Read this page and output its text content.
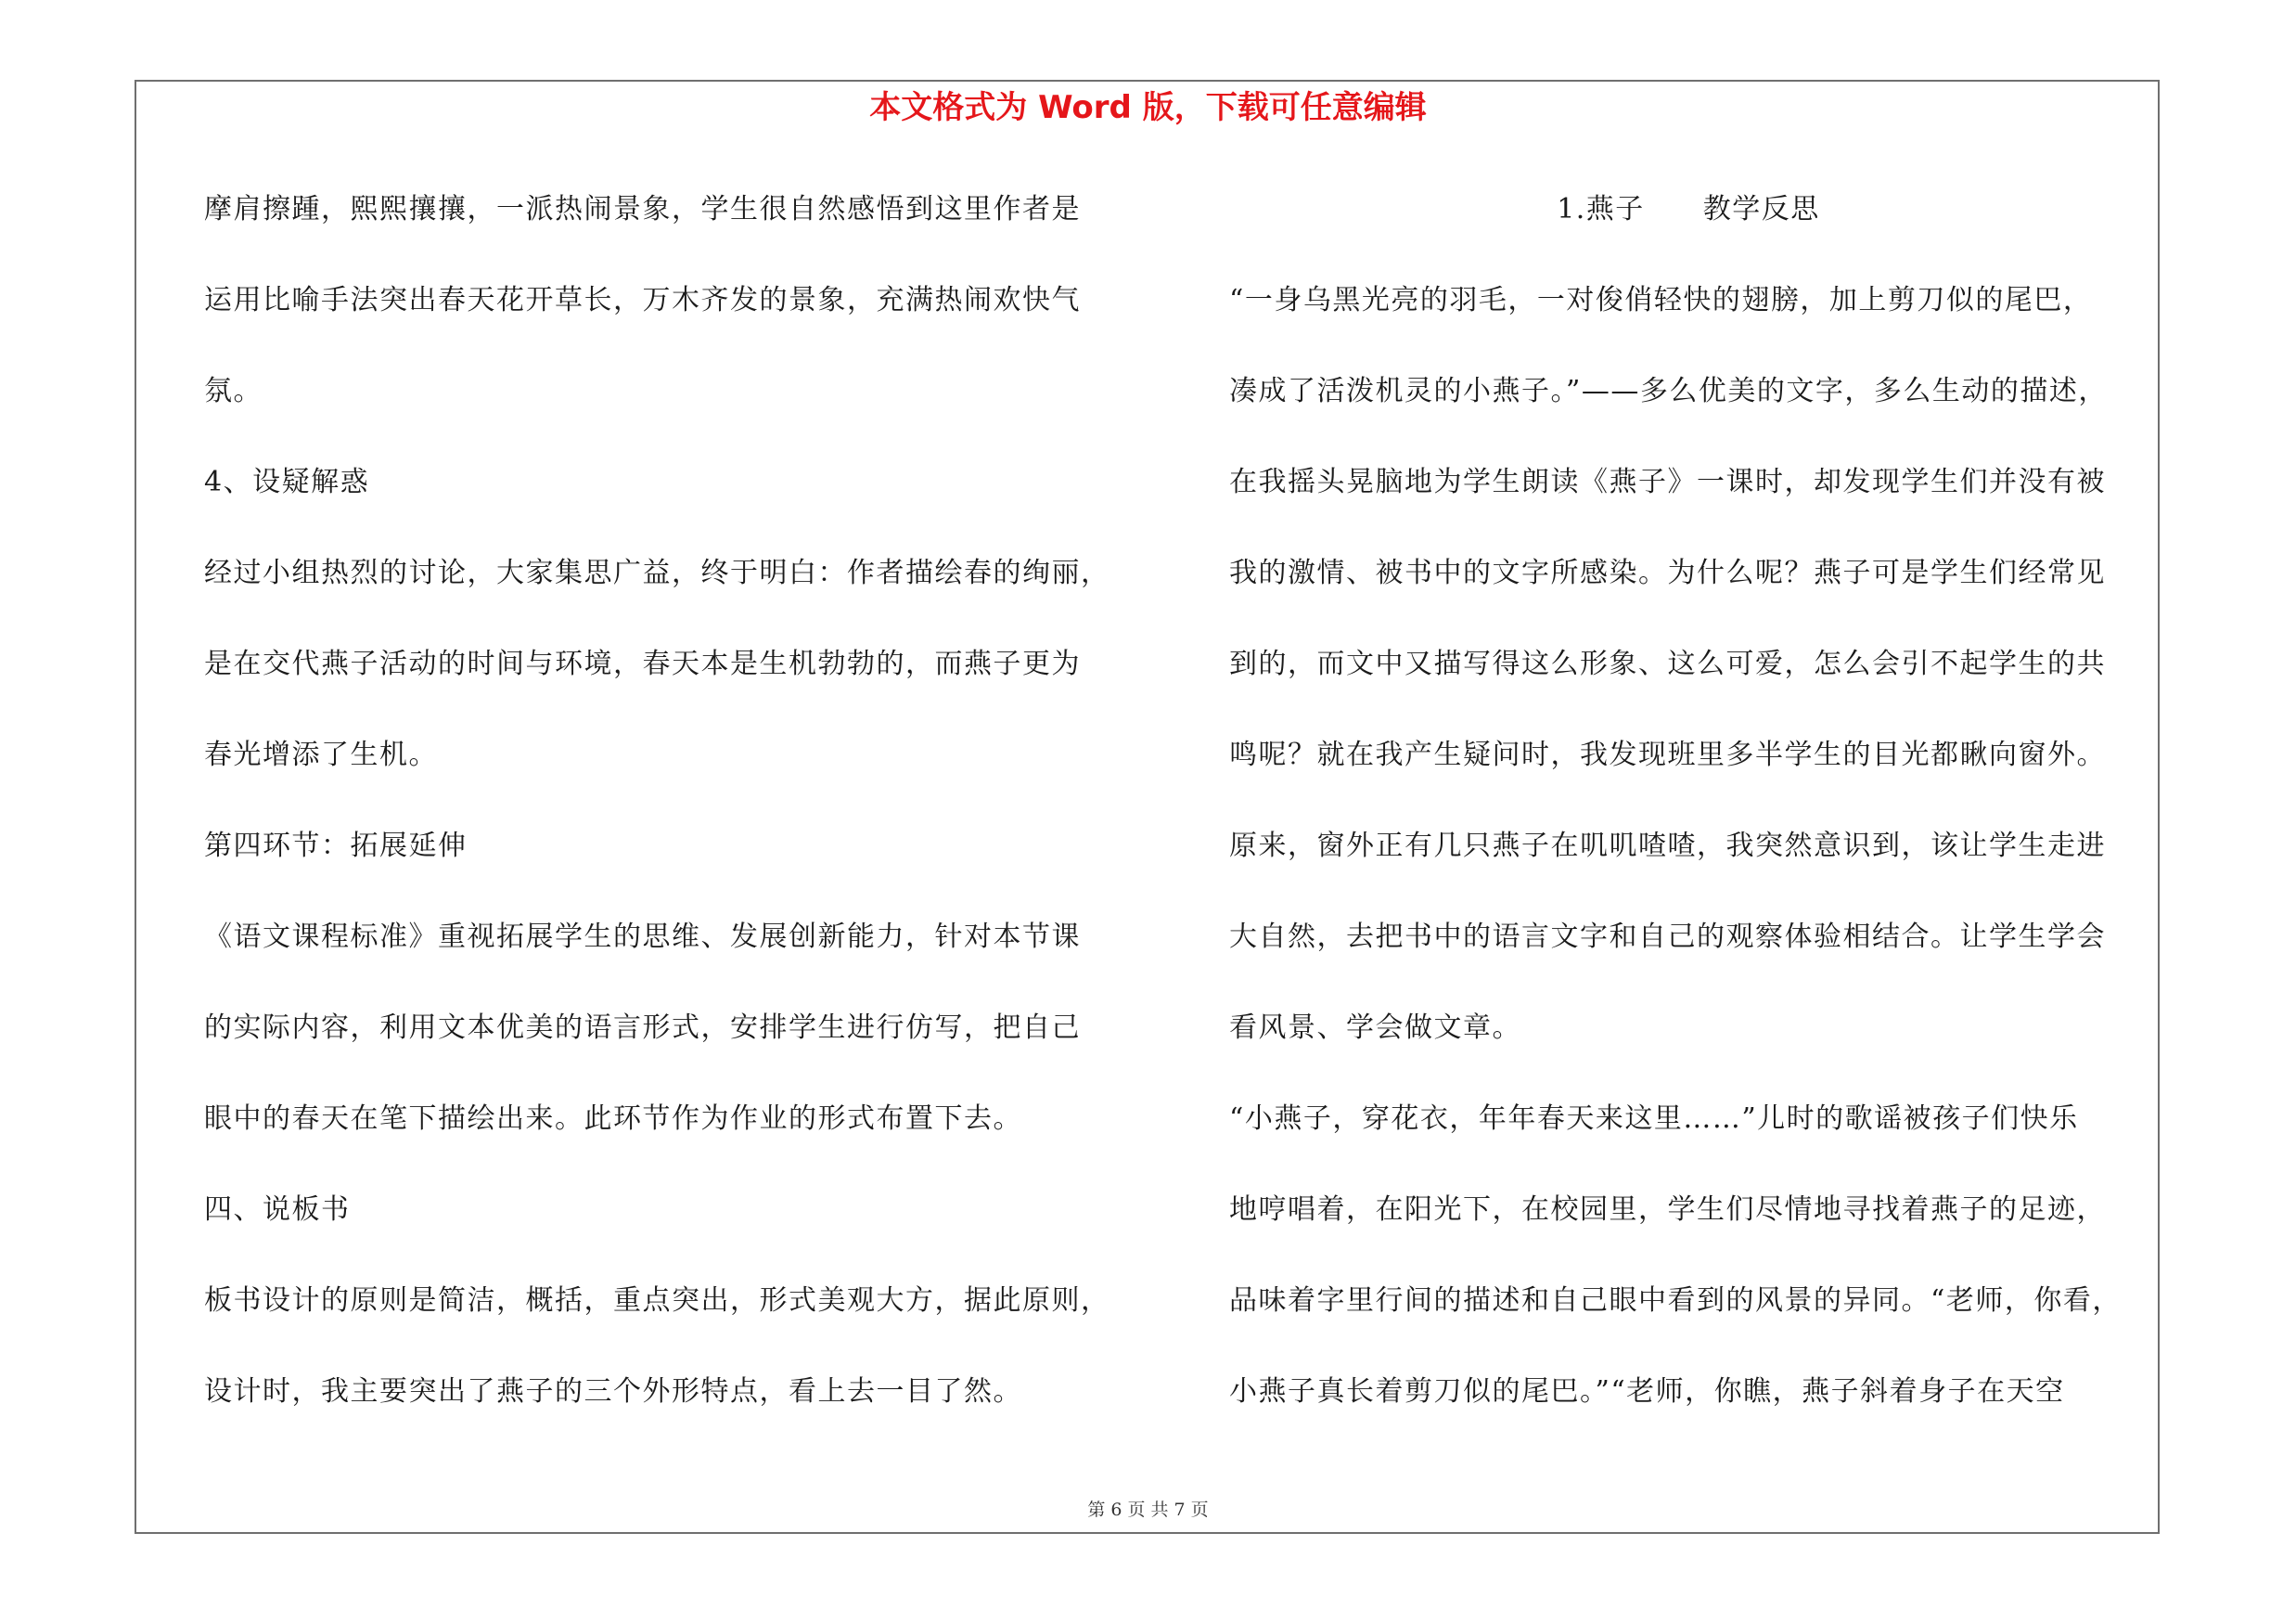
本文格式为 Word 版，下载可任意编辑
摩肩擦踵，熙熙攘攘，一派热闹景象，学生很自然感悟到这里作者是
运用比喻手法突出春天花开草长，万木齐发的景象，充满热闹欢快气
氛。
4、设疑解惑
经过小组热烈的讨论，大家集思广益，终于明白：作者描绘春的绚丽，
是在交代燕子活动的时间与环境，春天本是生机勃勃的，而燕子更为
春光增添了生机。
第四环节：拓展延伸
《语文课程标准》重视拓展学生的思维、发展创新能力，针对本节课
的实际内容，利用文本优美的语言形式，安排学生进行仿写，把自己
眼中的春天在笔下描绘出来。此环节作为作业的形式布置下去。
四、说板书
板书设计的原则是简洁，概括，重点突出，形式美观大方，据此原则，
设计时，我主要突出了燕子的三个外形特点，看上去一目了然。
1.燕子　　教学反思
“一身乌黑光亮的羽毛，一对俊俏轻快的翅膀，加上剪刀似的尾巴，
凑成了活泼机灵的小燕子。”——多么优美的文字，多么生动的描述，
在我摇头晃脑地为学生朗读《燕子》一课时，却发现学生们并没有被
我的激情、被书中的文字所感染。为什么呢？燕子可是学生们经常见
到的，而文中又描写得这么形象、这么可爱，怎么会引不起学生的共
鸣呢？就在我产生疑问时，我发现班里多半学生的目光都瞅向窗外。
原来，窗外正有几只燕子在叽叽喳喳，我突然意识到，该让学生走进
大自然，去把书中的语言文字和自己的观察体验相结合。让学生学会
看风景、学会做文章。
“小燕子，穿花衣，年年春天来这里……”儿时的歌谣被孩子们快乐
地哼唱着，在阳光下，在校园里，学生们尽情地寻找着燕子的足迹，
品味着字里行间的描述和自己眼中看到的风景的异同。“老师，你看，
小燕子真长着剪刀似的尾巴。”“老师，你瞧，燕子斜着身子在天空
第 6 页 共 7 页
